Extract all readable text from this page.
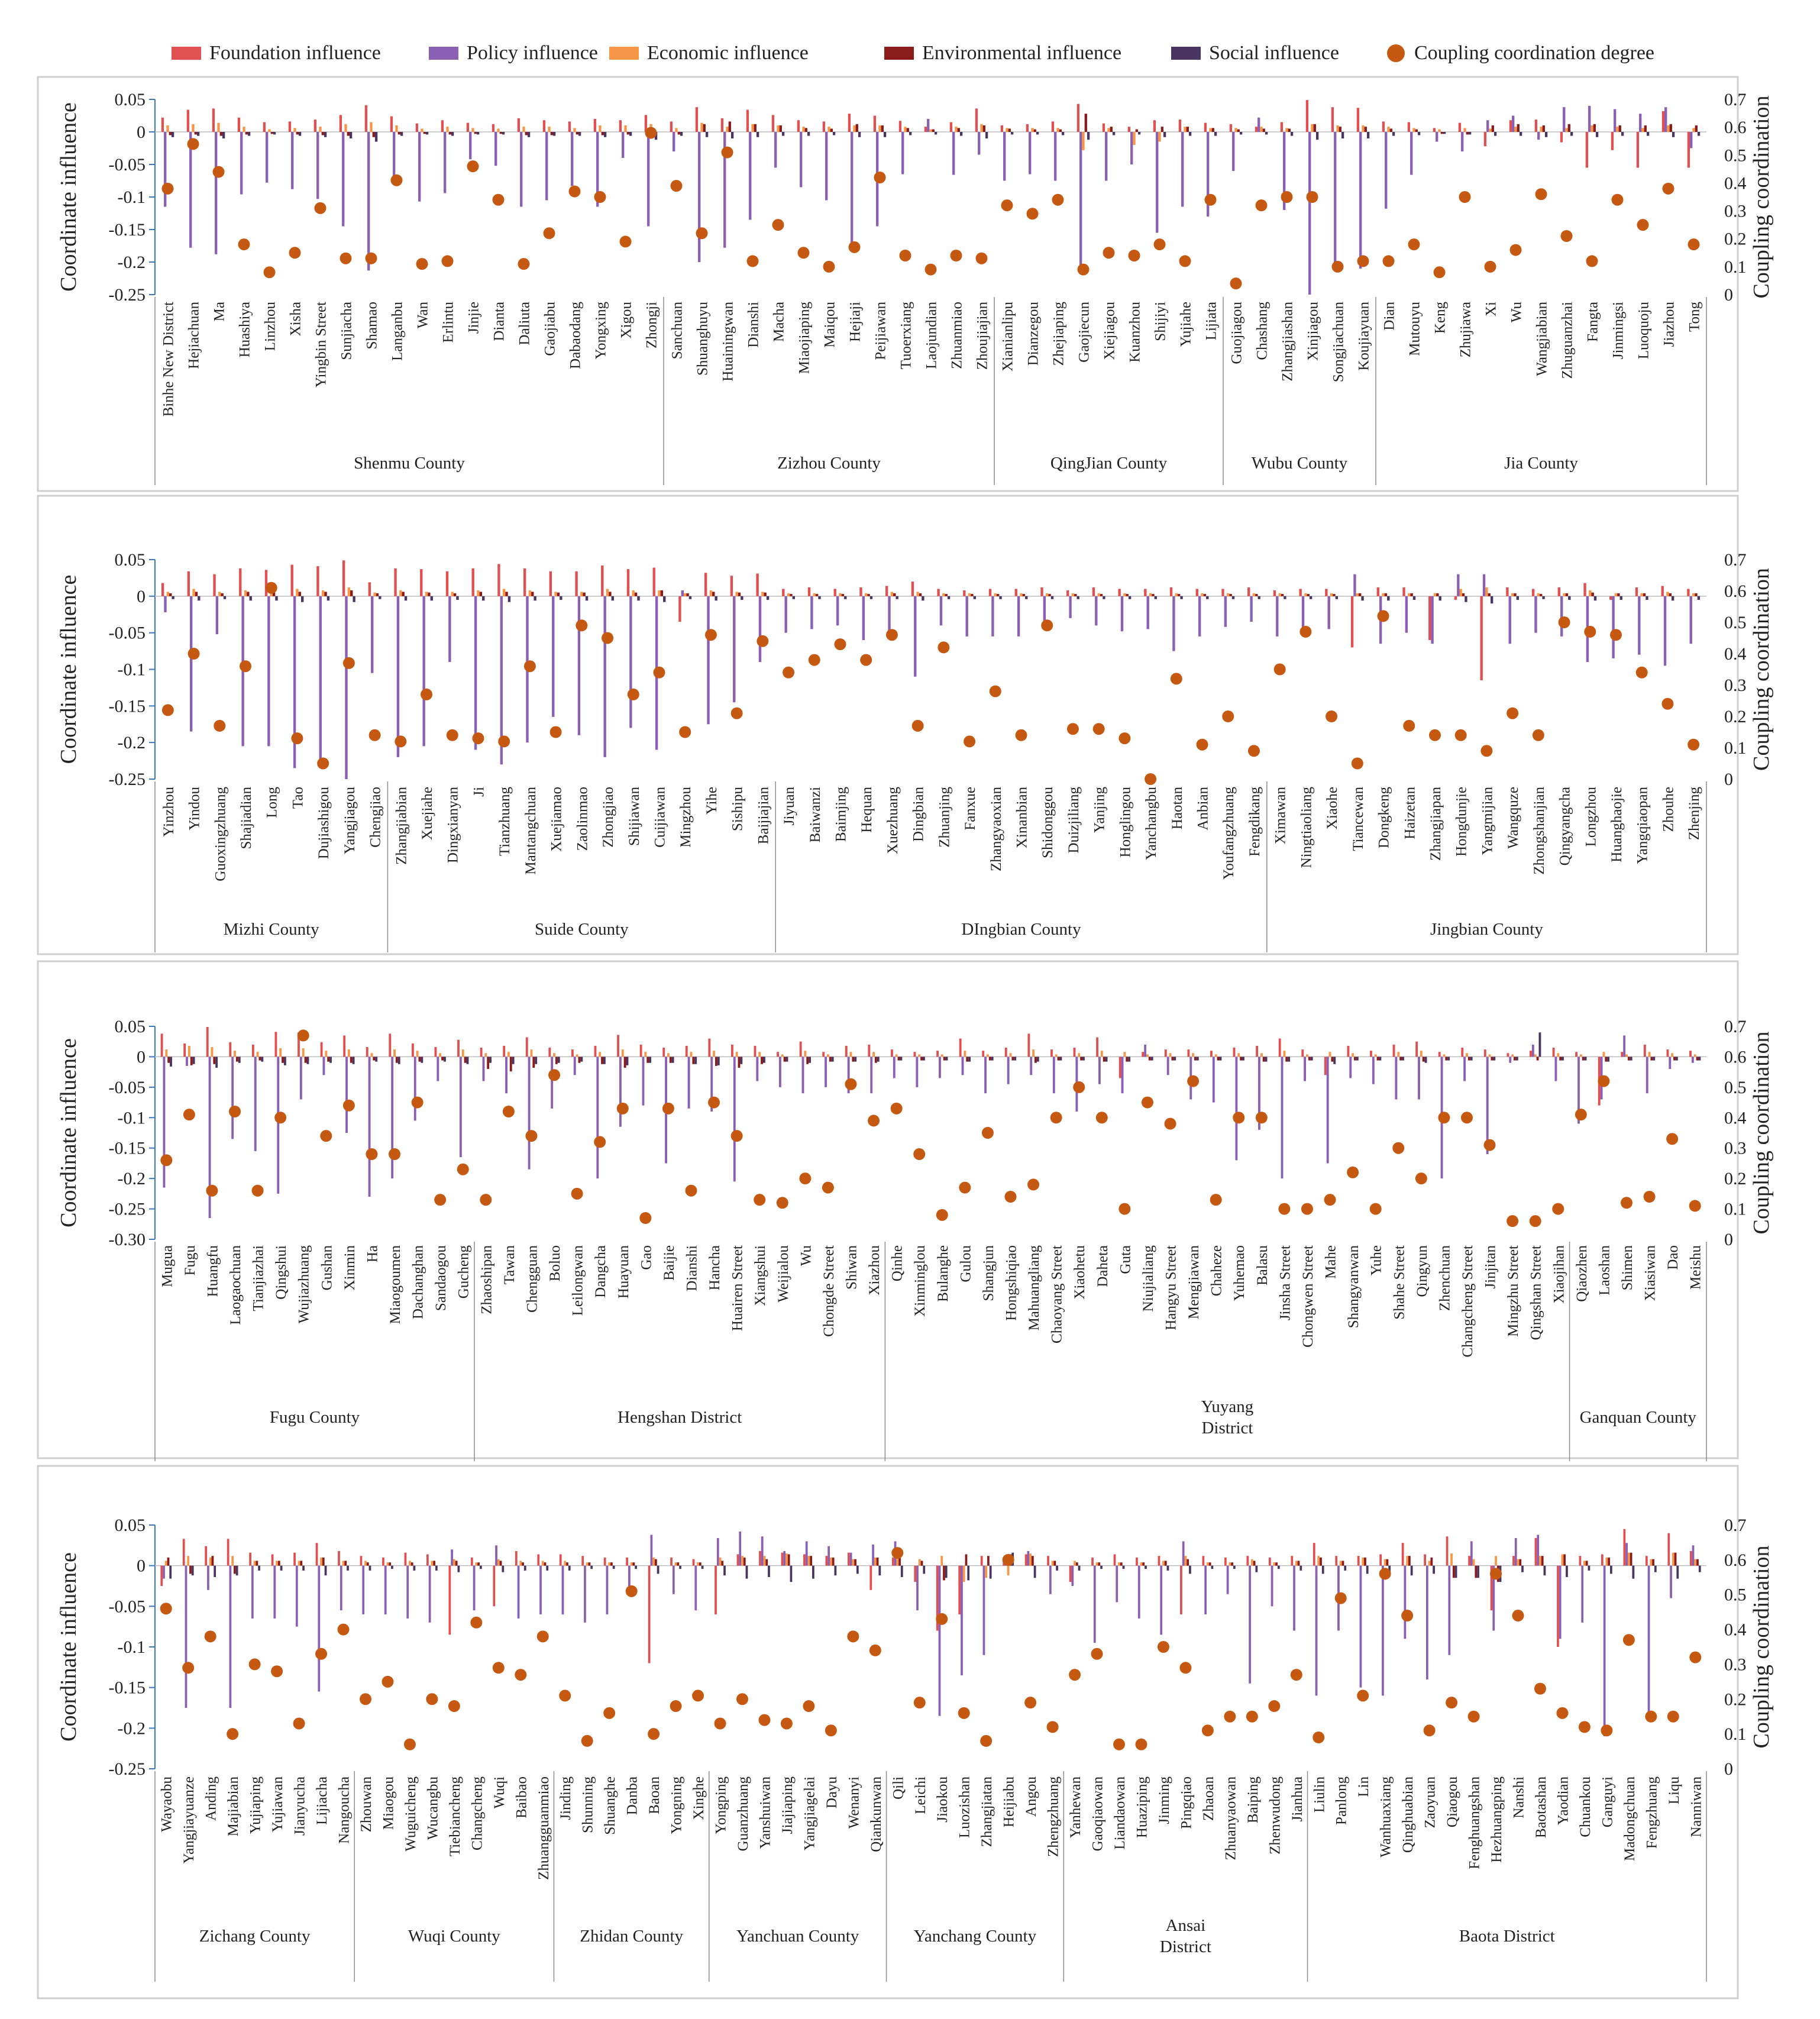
Foundation influence	Policy influence Economic influence	Environmental influence	Social influence	Coupling coordination degree
0.05
0
-0.05
-0.1
-0.15
-0.2
-0.25
0.7
0.6
0.5
0.4
0.3
0.2
0.1
0
Coordinate influence	Coupling coordination
Binhe New District Hejiachuan Ma Huashiya Linzhou Xisha Yingbin Street Sunjiacha Shamao Langanbu Wan Erlintu Jinjie Dianta Daliuta Gaojiabu Dabaodang Yongxing Xigou Zhongji
Shenmu County
Sanchuan Shuanghuyu Huainingwan Dianshi Macha Miaojiaping Maiqou Hejiaji Peijiawan Tuoerxiang Laojundian Zhuanmiao Zhoujiajian
Zizhou County
Xianianlipu Dianzegou Zhejiaping Gaojiecun Xiejiagou Kuanzhou Shijiyi Yujiahe Lijiata
QingJian County
Guojiagou Chashang Zhangjiashan Xinjiagou Songjiachuan Koujiayuan
Wubu County
Dian Mutouyu Keng Zhujiawa Xi Wu Wangjiabian Zhuguanzhai Fangta Jinmingsi Luoquoju Jiazhou Tong
Jia County
0.05
0
-0.05
-0.1
-0.15
-0.2
-0.25
0.7
0.6
0.5
0.4
0.3
0.2
0.1
0
Coordinate influence	Coupling coordination
Yinzhou Yindou Guoxingzhuang Shajiadian Long Tao Dujiashigou Yangjiagou Chengjiao
Mizhi County
Zhangjiabian Xuejiahe Dingxianyan Ji Tianzhuang Mantangchuan Xuejiamao Zaolinmao Zhongjiao Shijiawan Cuijiawan Mingzhou Yihe Sishipu Baijiajian
Suide County
Jiyuan Baiwanzi Baimjing Hequan Xuezhuang Dingbian Zhuanjing Fanxue Zhangyaoxian Xinanbian Shidonggou Duizjiliang Yanjing Honglingou Yanchangbu Haotan Anbian Youfangzhuang Fengdikang
DIngbian County
Ximawan Ningtiaoliang Xiaohe Tiancewan Dongkeng Haizetan Zhangjiapan Hongdunjie Yangmijian Wangquze Zhongshanjian Qingyangcha Longzhou Huanghaojie Yangqiaopan Zhouhe Zhenjing
Jingbian County
0.05
0
-0.05
-0.1
-0.15
-0.2
-0.25
-0.30
0.7
0.6
0.5
0.4
0.3
0.2
0.1
0
Coordinate influence	Coupling coordination
Mugua Fugu Huangfu Laogaochuan Tianjiazhai Qingshui Wujiazhuang Gushan Xinmin Ha Miaogoumen Dachanghan Sandaogou Gucheng
Fugu County
Zhaoshipan Tawan Chengguan Boluo Leilongwan Dangcha Huayuan Gao Baijie Dianshi Hancha Huairen Street Xiangshui Weijialou Wu Chongde Street Shiwan Xiazhou
Hengshan District
Qinhe Xinminglou Bulanghe Gulou Shangjun Hongshiqiao Mahuangliang Chaoyang Street Xiaohetu Daheta Guta Niujialiang Hangyu Street Mengjiawan Chaheze Yuhemao Balasu Jinsha Street Chongwen Street Mahe Shangyanwan Yuhe Shahe Street Qingyun Zhenchuan Changcheng Street Jinjitan Mingzhu Street Qingshan Street Xiaojihan
Yuyang District
Qiaozhen Laoshan Shimen Xiasiwan Dao Meishu
Ganquan County
0.05
0
-0.05
-0.1
-0.15
-0.2
-0.25
0.7
0.6
0.5
0.4
0.3
0.2
0.1
0
Coordinate influence	Coupling coordination
Wayaobu Yangjiayuanze Anding Majiabian Yujiaping Yujiawan Jianyucha Lijiacha Nangoucha
Zichang County
Zhouwan Miaogou Wuguicheng Wucangbu Tiebiancheng Changcheng Wuqi Baibao Zhuangguanmiao
Wuqi County
Jinding Shunning Shuanghe Danba Baoan Yongning Xinghe
Zhidan County
Yongping Guanzhuang Yanshuiwan Jiajiaping Yangjiagelai Dayu Wenanyi Qiankunwan
Yanchuan County
Qili Leichi Jiaokou Luozishan Zhangjiatan Heijiabu Angou Zhengzhuang
Yanchang County
Yanhewan Gaoqiaowan Liandaowan Huaziping Jinming Pingqiao Zhaoan Zhuanyaowan Baiping Zhenwudong Jianhua
Ansai District
Liulin Panlong Lin Wanhuaxiang Qinghuabian Zaoyuan Qiaogou Fenghuangshan Hezhuangping Nanshi Baotashan Yaodian Chuankou Ganguyi Madongchuan Fengzhuang Liqu Nanniwan
Baota District
